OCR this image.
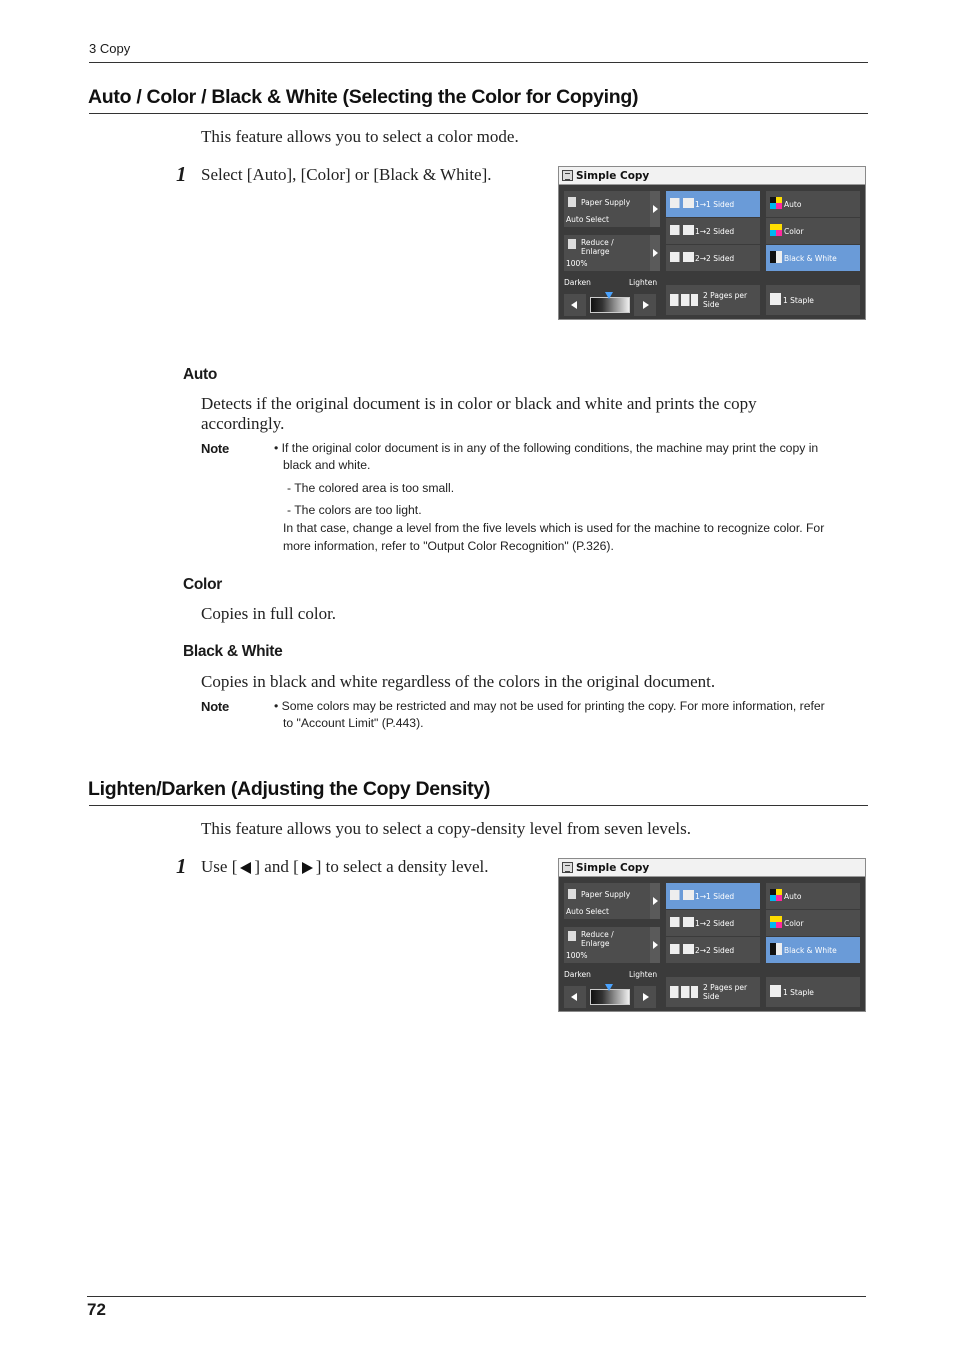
3 Copy
Auto / Color / Black & White (Selecting the Color for Copying)
This feature allows you to select a color mode.
1 Select [Auto], [Color] or [Black & White].	Simple Copy
Paper Supply
Auto Select
Reduce /
Enlarge
100%
Darken	Lighten
1→1 Sided
1→2 Sided
2→2 Sided
2 Pages per
Side
Auto
Color
Black & White
1 Staple
Auto
Detects if the original document is in color or black and white and prints the copy
accordingly.
Note	• If the original color document is in any of the following conditions, the machine may print the copy in
black and white.
- The colored area is too small.
- The colors are too light.
In that case, change a level from the five levels which is used for the machine to recognize color. For
more information, refer to "Output Color Recognition" (P.326).
Color
Copies in full color.
Black & White
Copies in black and white regardless of the colors in the original document.
Note	• Some colors may be restricted and may not be used for printing the copy. For more information, refer
to "Account Limit" (P.443).
Lighten/Darken (Adjusting the Copy Density)
This feature allows you to select a copy-density level from seven levels.
1 Use [ ] and [ ] to select a density level.	Simple Copy
Paper Supply
Auto Select
Reduce /
Enlarge
100%
Darken	Lighten
1→1 Sided
1→2 Sided
2→2 Sided
2 Pages per
Side
Auto
Color
Black & White
1 Staple
72
